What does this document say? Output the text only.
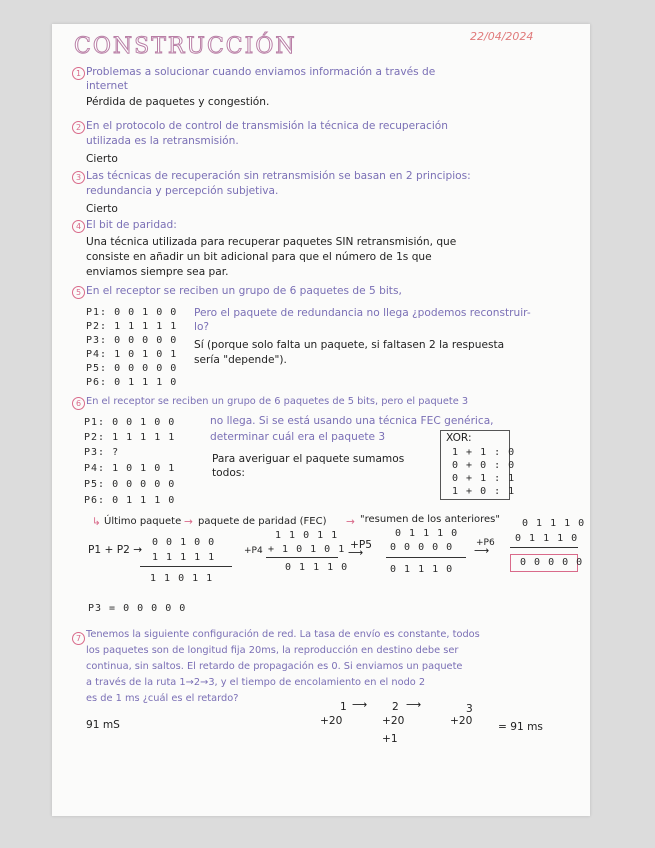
CONSTRUCCIÓN	22/04/2024
1 Problemas a solucionar cuando enviamos información a través de
internet
Pérdida de paquetes y congestión.
2 En el protocolo de control de transmisión la técnica de recuperación
utilizada es la retransmisión.
Cierto
3 Las técnicas de recuperación sin retransmisión se basan en 2 principios:
redundancia y percepción subjetiva.
Cierto
4 El bit de paridad:
Una técnica utilizada para recuperar paquetes SIN retransmisión, que
consiste en añadir un bit adicional para que el número de 1s que
enviamos siempre sea par.
5 En el receptor se reciben un grupo de 6 paquetes de 5 bits,
P1: 0 0 1 0 0
P2: 1 1 1 1 1
P3: 0 0 0 0 0
P4: 1 0 1 0 1
P5: 0 0 0 0 0
P6: 0 1 1 1 0
Pero el paquete de redundancia no llega ¿podemos reconstruir-
lo?
Sí (porque solo falta un paquete, si faltasen 2 la respuesta
sería "depende").
6 En el receptor se reciben un grupo de 6 paquetes de 5 bits, pero el paquete 3
no llega. Si se está usando una técnica FEC genérica,
determinar cuál era el paquete 3
P1: 0 0 1 0 0
P2: 1 1 1 1 1
P3: ?
P4: 1 0 1 0 1
P5: 0 0 0 0 0
P6: 0 1 1 1 0
Para averiguar el paquete sumamos
todos:
XOR:
1 + 1 : 0
0 + 0 : 0
0 + 1 : 1
1 + 0 : 1
↳ Último paquete → paquete de paridad (FEC) → "resumen de los anteriores"
P1 + P2 →
0 0 1 0 0
1 1 1 1 1
1 1 0 1 1
+P4
1 1 0 1 1
+ 1 0 1 0 1
0 1 1 1 0
+P5
⟶
0 1 1 1 0
0 0 0 0 0
0 1 1 1 0
+P6
⟶
0 1 1 1 0
0 1 1 1 0
0 0 0 0 0
P3 = 0 0 0 0 0
7 Tenemos la siguiente configuración de red. La tasa de envío es constante, todos
los paquetes son de longitud fija 20ms, la reproducción en destino debe ser
continua, sin saltos. El retardo de propagación es 0. Si enviamos un paquete
a través de la ruta 1→2→3, y el tiempo de encolamiento en el nodo 2
es de 1 ms ¿cuál es el retardo?
91 mS
1 ⟶ 2 ⟶	3
+20	+20	+20
+1
= 91 ms
